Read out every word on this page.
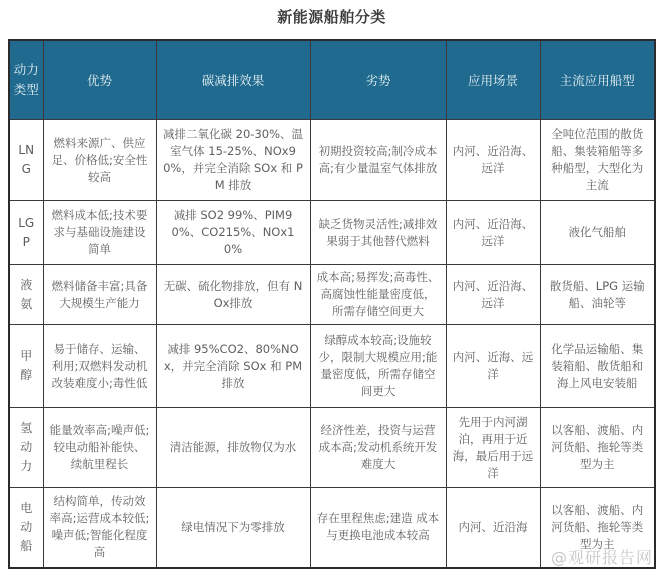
新能源船舶分类
动力类型	优势	碳减排效果	劣势	应用场景	主流应用船型
LNG	燃料来源广、供应足、价格低;安全性较高	减排二氧化碳 20-30%、温室气体 15-25%、NOx90%，并完全消除 SOx 和 PM 排放	初期投资较高;制冷成本高;有少量温室气体排放	内河、近沿海、远洋	全吨位范围的散货船、集装箱船等多种船型，大型化为主流
LGP	燃料成本低;技术要求与基础设施建设简单	减排 SO2 99%、PIM90%、CO215%、NOx10%	缺乏货物灵活性;减排效果弱于其他替代燃料	内河、近沿海、远洋	液化气船舶
液氨	燃料储备丰富;具备大规模生产能力	无碳、硫化物排放，但有 NOx排放	成本高;易挥发;高毒性、高腐蚀性能量密度低，所需存储空间更大	内河、近沿海、远洋	散货船、LPG 运输船、油轮等
甲醇	易于储存、运输、利用;双燃料发动机改装难度小;毒性低	减排 95%CO2、80%NOx，并完全消除 SOx 和 PM 排放	绿醇成本较高;设施较少，限制大规模应用;能量密度低，所需存储空间更大	内河、近海、远洋	化学品运输船、集装箱船、散货船和海上风电安装船
氢动力	能量效率高;噪声低;较电动船补能快、续航里程长	清洁能源，排放物仅为水	经济性差，投资与运营成本高;发动机系统开发难度大	先用于内河湖泊，再用于近海，最后用于远洋	以客船、渡船、内河货船、拖轮等类型为主
电动船	结构简单，传动效率高;运营成本较低;噪声低;智能化程度高	绿电情况下为零排放	存在里程焦虑;建造 成本与更换电池成本较高	内河、近沿海	以客船、渡船、内河货船、拖轮等类型为主
@观研报告网
